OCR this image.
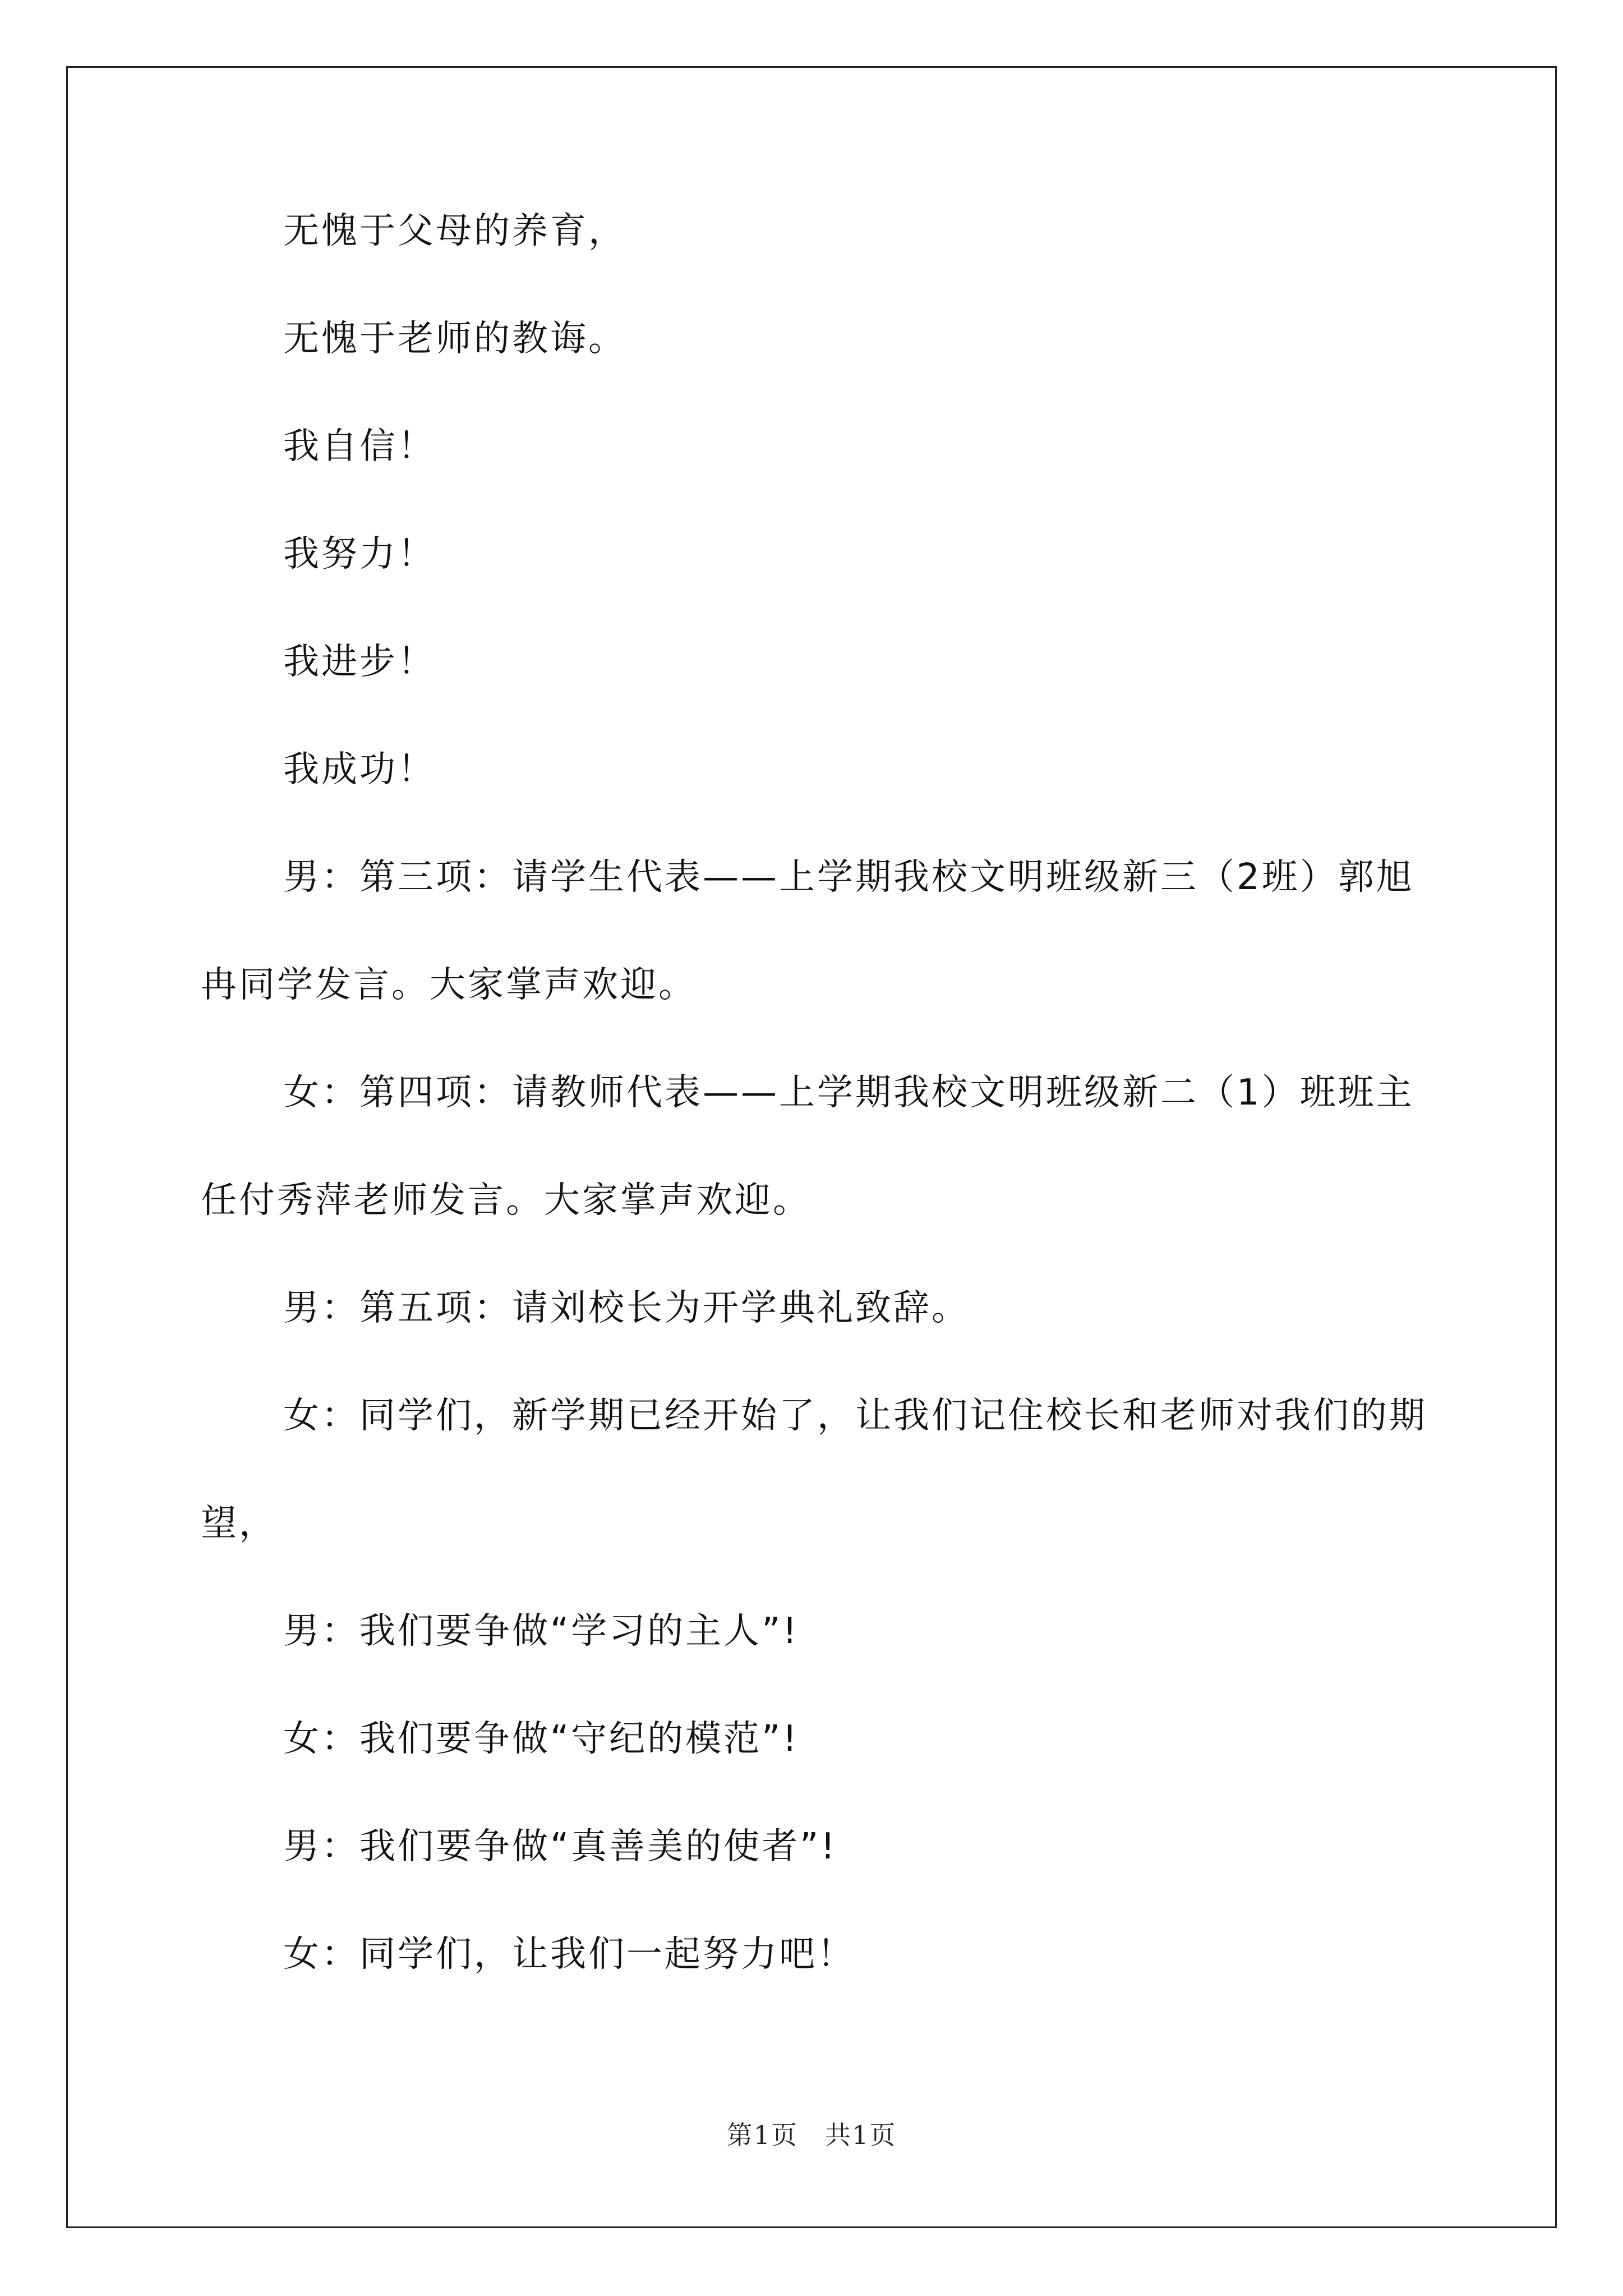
无愧于父母的养育，

无愧于老师的教诲。

我自信！

我努力！

我进步！

我成功！

男：第三项：请学生代表——上学期我校文明班级新三（2班）郭旭冉同学发言。大家掌声欢迎。

女：第四项：请教师代表——上学期我校文明班级新二（1）班班主任付秀萍老师发言。大家掌声欢迎。

男：第五项：请刘校长为开学典礼致辞。

女：同学们，新学期已经开始了，让我们记住校长和老师对我们的期望，

男：我们要争做“学习的主人”!

女：我们要争做“守纪的模范”!

男：我们要争做“真善美的使者”!

女：同学们，让我们一起努力吧！

第1页　共1页
